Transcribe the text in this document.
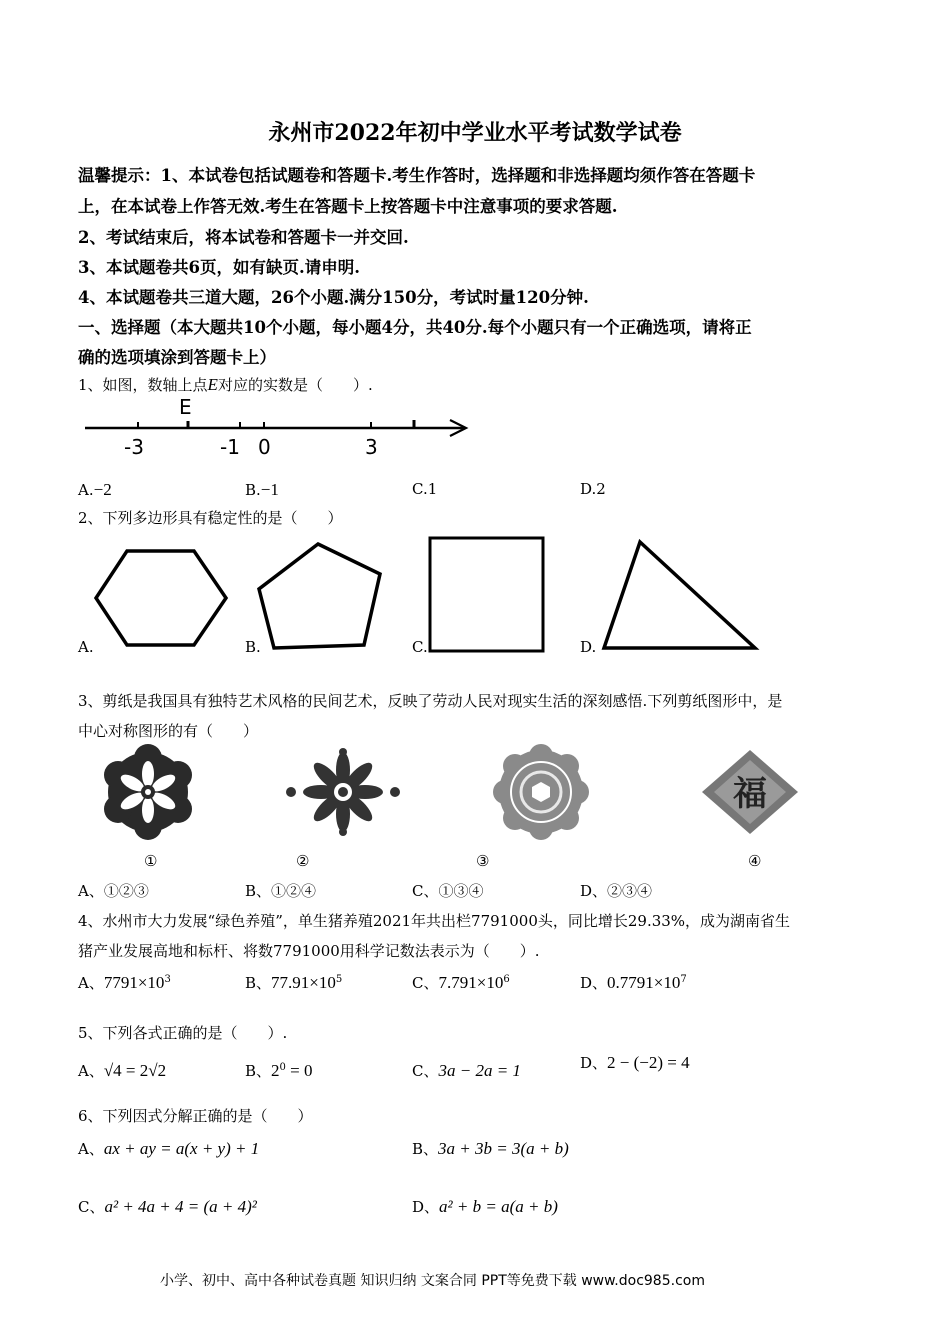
永州市2022年初中学业水平考试数学试卷
温馨提示：1、本试卷包括试题卷和答题卡.考生作答时，选择题和非选择题均须作答在答题卡
上，在本试卷上作答无效.考生在答题卡上按答题卡中注意事项的要求答题.
2、考试结束后，将本试卷和答题卡一并交回.
3、本试题卷共6页，如有缺页.请申明.
4、本试题卷共三道大题，26个小题.满分150分，考试时量120分钟.
一、选择题（本大题共10个小题，每小题4分，共40分.每个小题只有一个正确选项，请将正
确的选项填涂到答题卡上）
1、如图，数轴上点E对应的实数是（　　）.
E
-3	-1 0	3
A.−2	B.−1	C.1	D.2
2、下列多边形具有稳定性的是（　　）
A.	B.	C.	D.
3、剪纸是我国具有独特艺术风格的民间艺术，反映了劳动人民对现实生活的深刻感悟.下列剪纸图形中，是
中心对称图形的有（　　）
福
①	②	③	④
A、①②③	B、①②④	C、①③④	D、②③④
4、水州市大力发展“绿色养殖”，单生猪养殖2021年共出栏7791000头，同比增长29.33%，成为湖南省生
猪产业发展高地和标杆、将数7791000用科学记数法表示为（　　）.
A、$7791\times 10^3$	B、$77.91\times 10^5$	C、$7.791\times 10^6$	D、$0.7791\times 10^7$
5、下列各式正确的是（　　）.
A、√4 = 2√2	B、$2^0 = 0$	C、3a − 2a = 1	D、2 − (−2) = 4
6、下列因式分解正确的是（　　）
A、ax + ay = a(x + y) + 1	B、3a + 3b = 3(a + b)
C、a² + 4a + 4 = (a + 4)²	D、a² + b = a(a + b)
小学、初中、高中各种试卷真题 知识归纳 文案合同 PPT等免费下载 www.doc985.com
